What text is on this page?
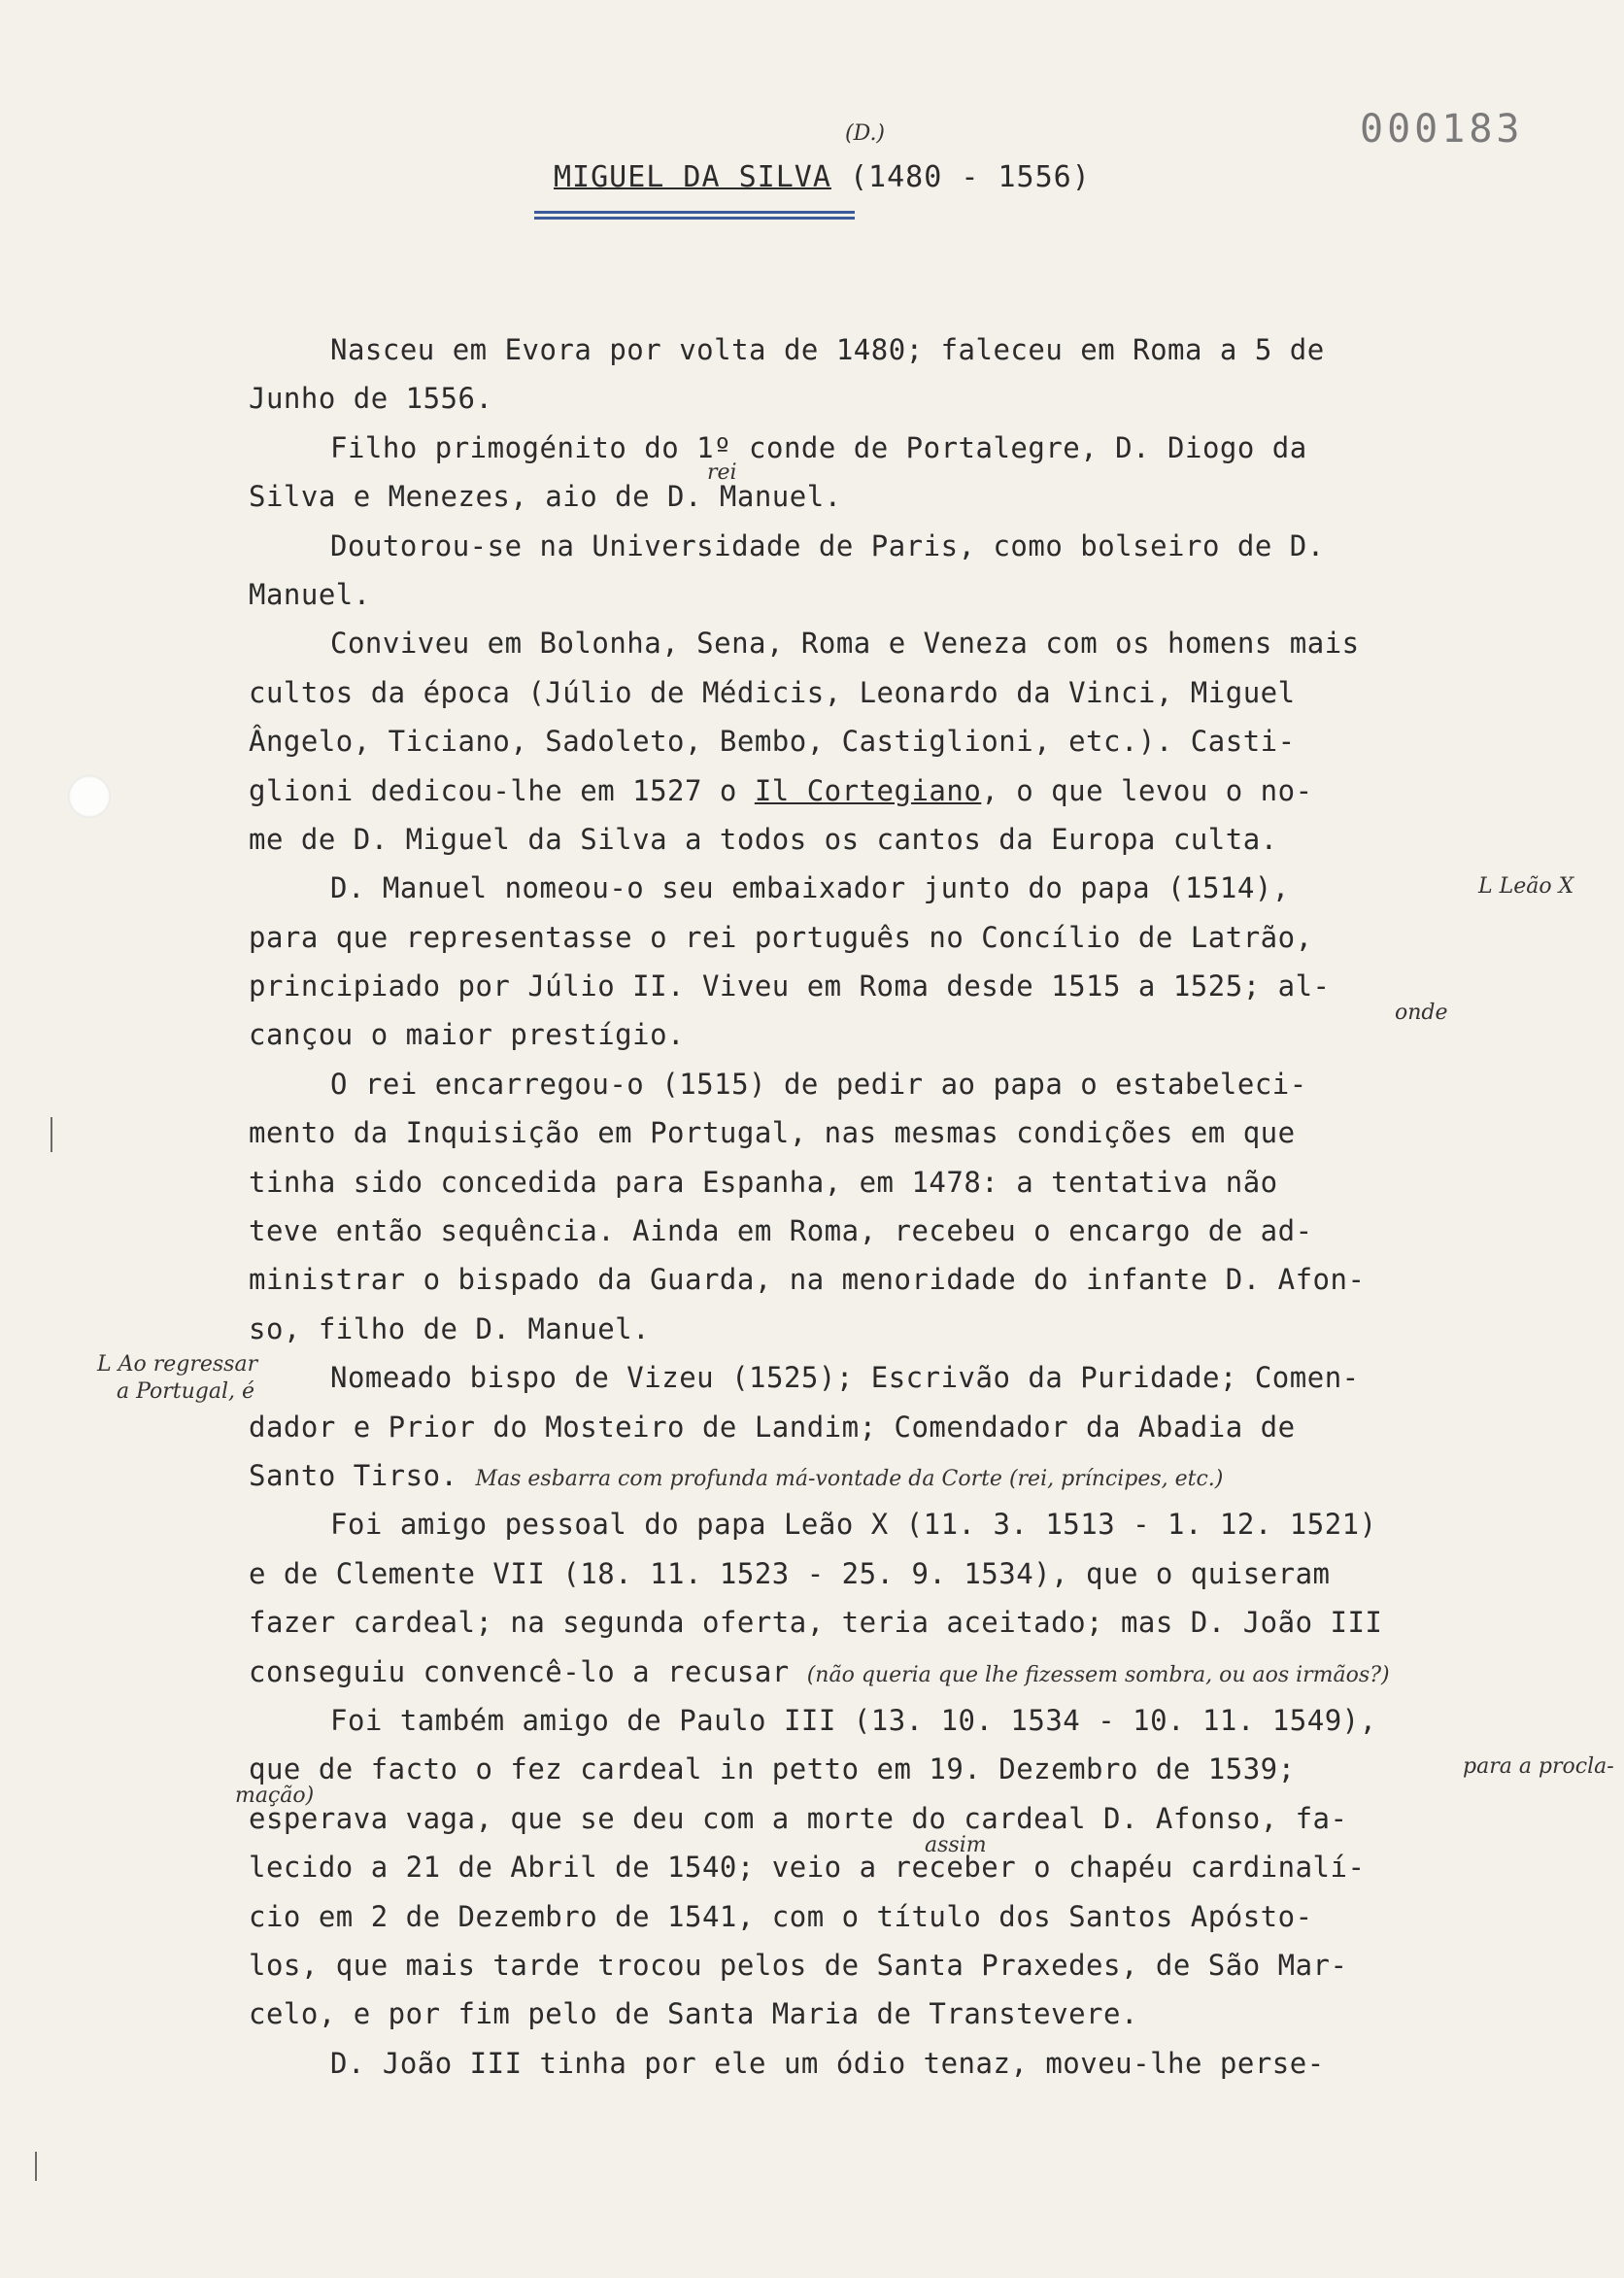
000183
(D.)
MIGUEL DA SILVA (1480 - 1556)
Nasceu em Evora por volta de 1480; faleceu em Roma a 5 de
Junho de 1556.
Filho primogénito do 1º conde de Portalegre, D. Diogo da
Silva e Menezes, aio de D. Manuel.
rei
Doutorou-se na Universidade de Paris, como bolseiro de D.
Manuel.
Conviveu em Bolonha, Sena, Roma e Veneza com os homens mais
cultos da época (Júlio de Médicis, Leonardo da Vinci, Miguel
Ângelo, Ticiano, Sadoleto, Bembo, Castiglioni, etc.). Casti-
glioni dedicou-lhe em 1527 o Il Cortegiano, o que levou o no-
me de D. Miguel da Silva a todos os cantos da Europa culta.
D. Manuel nomeou-o seu embaixador junto do papa (1514),
para que representasse o rei português no Concílio de Latrão,
principiado por Júlio II. Viveu em Roma desde 1515 a 1525; al-
onde
cançou o maior prestígio.
O rei encarregou-o (1515) de pedir ao papa o estabeleci-
mento da Inquisição em Portugal, nas mesmas condições em que
tinha sido concedida para Espanha, em 1478: a tentativa não
teve então sequência. Ainda em Roma, recebeu o encargo de ad-
ministrar o bispado da Guarda, na menoridade do infante D. Afon-
so, filho de D. Manuel.
Nomeado bispo de Vizeu (1525); Escrivão da Puridade; Comen-
dador e Prior do Mosteiro de Landim; Comendador da Abadia de
Santo Tirso. Mas esbarra com profunda má-vontade da Corte (rei, príncipes, etc.)
Foi amigo pessoal do papa Leão X (11. 3. 1513 - 1. 12. 1521)
e de Clemente VII (18. 11. 1523 - 25. 9. 1534), que o quiseram
fazer cardeal; na segunda oferta, teria aceitado; mas D. João III
conseguiu convencê-lo a recusar (não queria que lhe fizessem sombra, ou aos irmãos?)
Foi também amigo de Paulo III (13. 10. 1534 - 10. 11. 1549),
que de facto o fez cardeal in petto em 19. Dezembro de 1539;	para a procla-
mação)
esperava vaga, que se deu com a morte do cardeal D. Afonso, fa-
lecido a 21 de Abril de 1540; veio a receber o chapéu cardinalí-
assim
cio em 2 de Dezembro de 1541, com o título dos Santos Apósto-
los, que mais tarde trocou pelos de Santa Praxedes, de São Mar-
celo, e por fim pelo de Santa Maria de Transtevere.
D. João III tinha por ele um ódio tenaz, moveu-lhe perse-
L Leão X
L Ao regressar
a Portugal, é
